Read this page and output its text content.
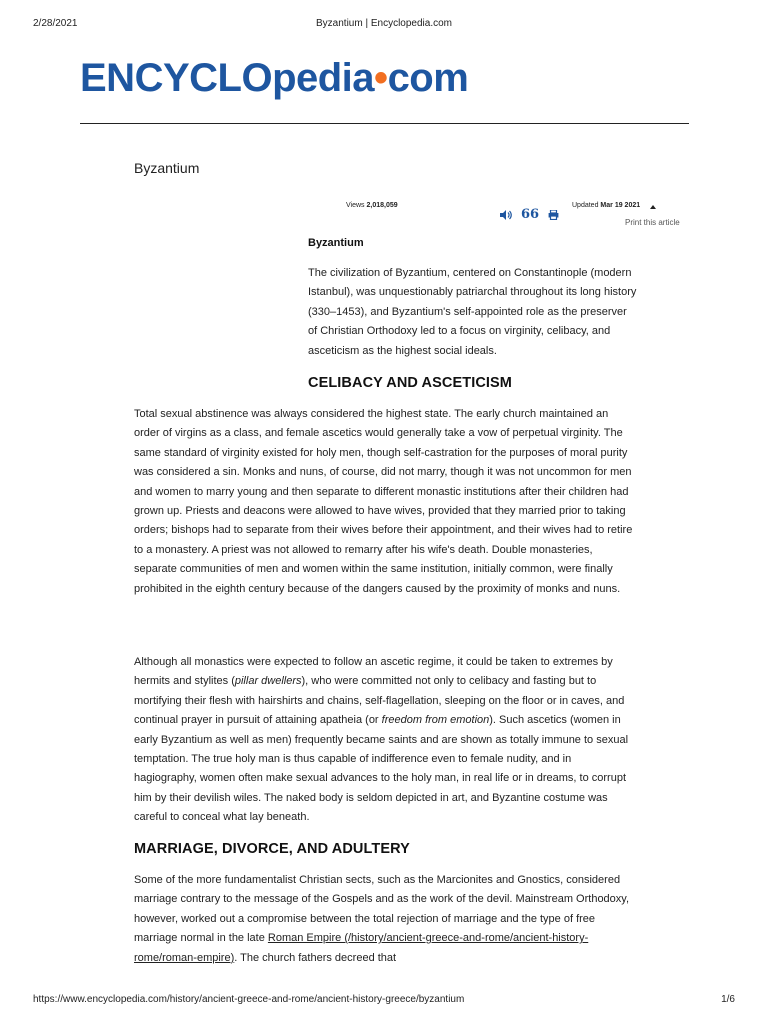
2/28/2021	Byzantium | Encyclopedia.com
ENCYCLOpedia•com
Byzantium
Views 2,018,059	Updated Mar 19 2021
66
Print this article
Byzantium

The civilization of Byzantium, centered on Constantinople (modern Istanbul), was unquestionably patriarchal throughout its long history (330–1453), and Byzantium's self-appointed role as the preserver of Christian Orthodoxy led to a focus on virginity, celibacy, and asceticism as the highest social ideals.

CELIBACY AND ASCETICISM

Total sexual abstinence was always considered the highest state. The early church maintained an order of virgins as a class, and female ascetics would generally take a vow of perpetual virginity. The same standard of virginity existed for holy men, though self-castration for the purposes of moral purity was considered a sin. Monks and nuns, of course, did not marry, though it was not uncommon for men and women to marry young and then separate to different monastic institutions after their children had grown up. Priests and deacons were allowed to have wives, provided that they married prior to taking orders; bishops had to separate from their wives before their appointment, and their wives had to retire to a monastery. A priest was not allowed to remarry after his wife's death. Double monasteries, separate communities of men and women within the same institution, initially common, were finally prohibited in the eighth century because of the dangers caused by the proximity of monks and nuns.

Although all monastics were expected to follow an ascetic regime, it could be taken to extremes by hermits and stylites (pillar dwellers), who were committed not only to celibacy and fasting but to mortifying their flesh with hairshirts and chains, self-flagellation, sleeping on the floor or in caves, and continual prayer in pursuit of attaining apatheia (or freedom from emotion). Such ascetics (women in early Byzantium as well as men) frequently became saints and are shown as totally immune to sexual temptation. The true holy man is thus capable of indifference even to female nudity, and in hagiography, women often make sexual advances to the holy man, in real life or in dreams, to corrupt him by their devilish wiles. The naked body is seldom depicted in art, and Byzantine costume was careful to conceal what lay beneath.

MARRIAGE, DIVORCE, AND ADULTERY

Some of the more fundamentalist Christian sects, such as the Marcionites and Gnostics, considered marriage contrary to the message of the Gospels and as the work of the devil. Mainstream Orthodoxy, however, worked out a compromise between the total rejection of marriage and the type of free marriage normal in the late Roman Empire (/history/ancient-greece-and-rome/ancient-history-rome/roman-empire). The church fathers decreed that

https://www.encyclopedia.com/history/ancient-greece-and-rome/ancient-history-greece/byzantium	1/6
